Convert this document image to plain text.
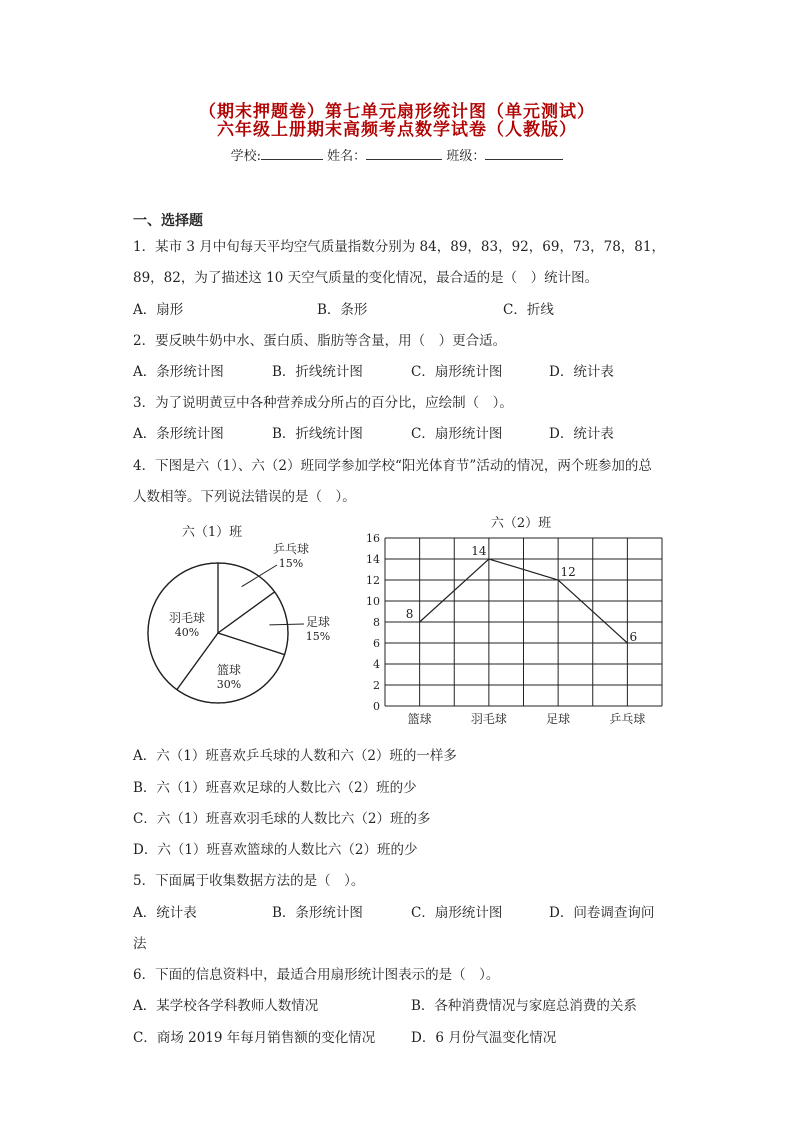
（期末押题卷）第七单元扇形统计图（单元测试）
六年级上册期末高频考点数学试卷（人教版）
学校:	姓名：	班级：
一、选择题
1．某市 3 月中旬每天平均空气质量指数分别为 84，89，83，92，69，73，78，81，
89，82，为了描述这 10 天空气质量的变化情况，最合适的是（　）统计图。
A．扇形	B．条形	C．折线
2．要反映牛奶中水、蛋白质、脂肪等含量，用（　）更合适。
A．条形统计图	B．折线统计图	C．扇形统计图	D．统计表
3．为了说明黄豆中各种营养成分所占的百分比，应绘制（　）。
A．条形统计图	B．折线统计图	C．扇形统计图	D．统计表
4．下图是六（1）、六（2）班同学参加学校“阳光体育节”活动的情况，两个班参加的总
人数相等。下列说法错误的是（　）。
六（1）班
乒乓球
15%
足球
15%
篮球
30%
羽毛球
40%
六（2）班
0
2
4
6
8
10
12
14
16
篮球	羽毛球	足球	乒乓球
8
14
12
6
A．六（1）班喜欢乒乓球的人数和六（2）班的一样多
B．六（1）班喜欢足球的人数比六（2）班的少
C．六（1）班喜欢羽毛球的人数比六（2）班的多
D．六（1）班喜欢篮球的人数比六（2）班的少
5．下面属于收集数据方法的是（　）。
A．统计表	B．条形统计图	C．扇形统计图	D．问卷调查询问
法
6．下面的信息资料中，最适合用扇形统计图表示的是（　）。
A．某学校各学科教师人数情况	B．各种消费情况与家庭总消费的关系
C．商场 2019 年每月销售额的变化情况	D．6 月份气温变化情况
